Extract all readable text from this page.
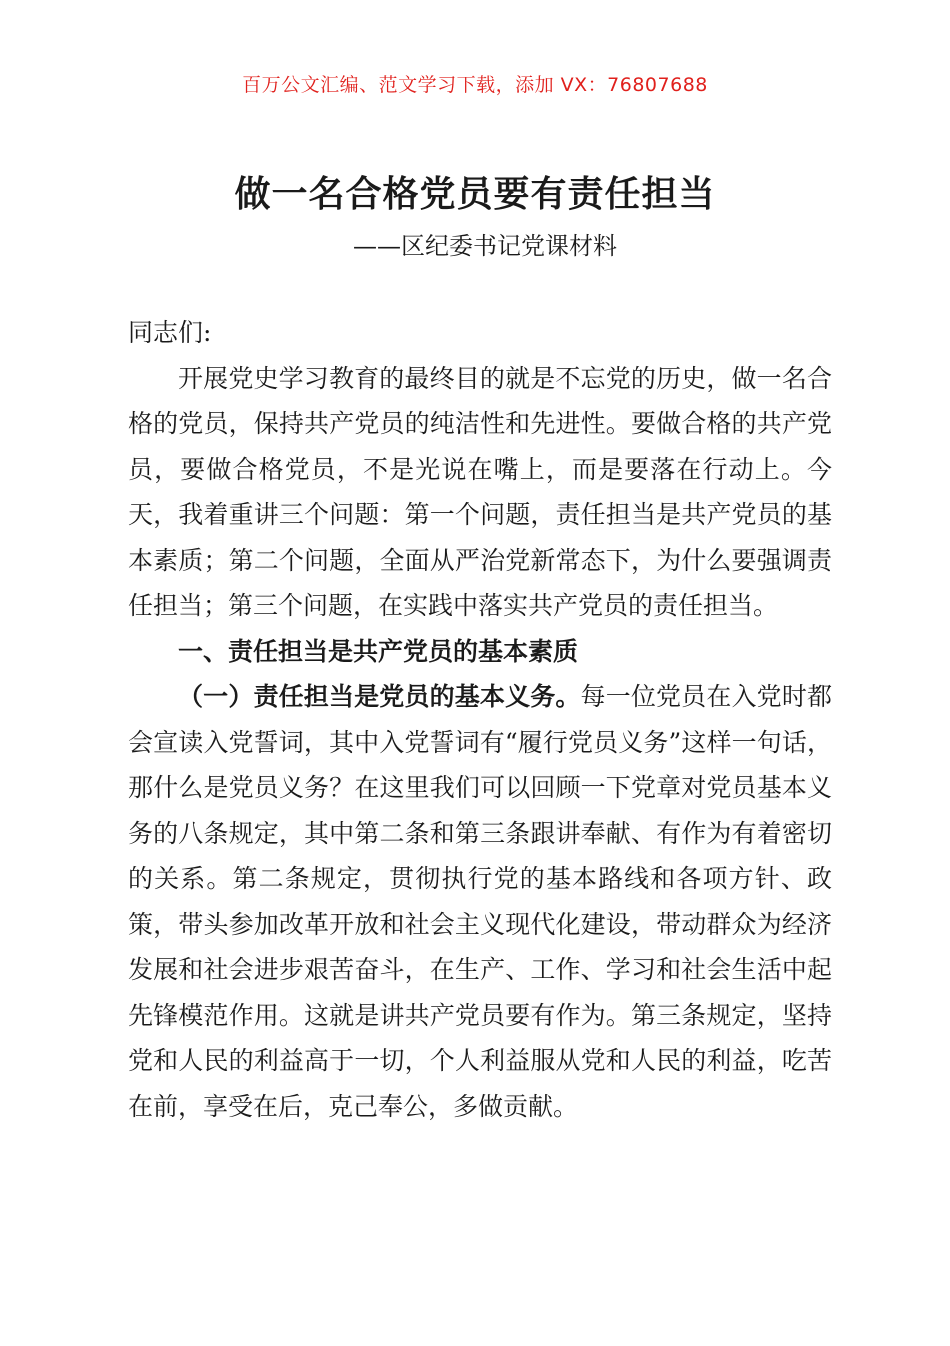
百万公文汇编、范文学习下载，添加 VX：76807688
做一名合格党员要有责任担当
——区纪委书记党课材料

同志们:

开展党史学习教育的最终目的就是不忘党的历史，做一名合格的党员，保持共产党员的纯洁性和先进性。要做合格的共产党员，要做合格党员，不是光说在嘴上，而是要落在行动上。今天，我着重讲三个问题：第一个问题，责任担当是共产党员的基本素质；第二个问题，全面从严治党新常态下，为什么要强调责任担当；第三个问题，在实践中落实共产党员的责任担当。

一、责任担当是共产党员的基本素质

（一）责任担当是党员的基本义务。每一位党员在入党时都会宣读入党誓词，其中入党誓词有“履行党员义务”这样一句话，那什么是党员义务？在这里我们可以回顾一下党章对党员基本义务的八条规定，其中第二条和第三条跟讲奉献、有作为有着密切的关系。第二条规定，贯彻执行党的基本路线和各项方针、政策，带头参加改革开放和社会主义现代化建设，带动群众为经济发展和社会进步艰苦奋斗，在生产、工作、学习和社会生活中起先锋模范作用。这就是讲共产党员要有作为。第三条规定，坚持党和人民的利益高于一切，个人利益服从党和人民的利益，吃苦在前，享受在后，克己奉公，多做贡献。
